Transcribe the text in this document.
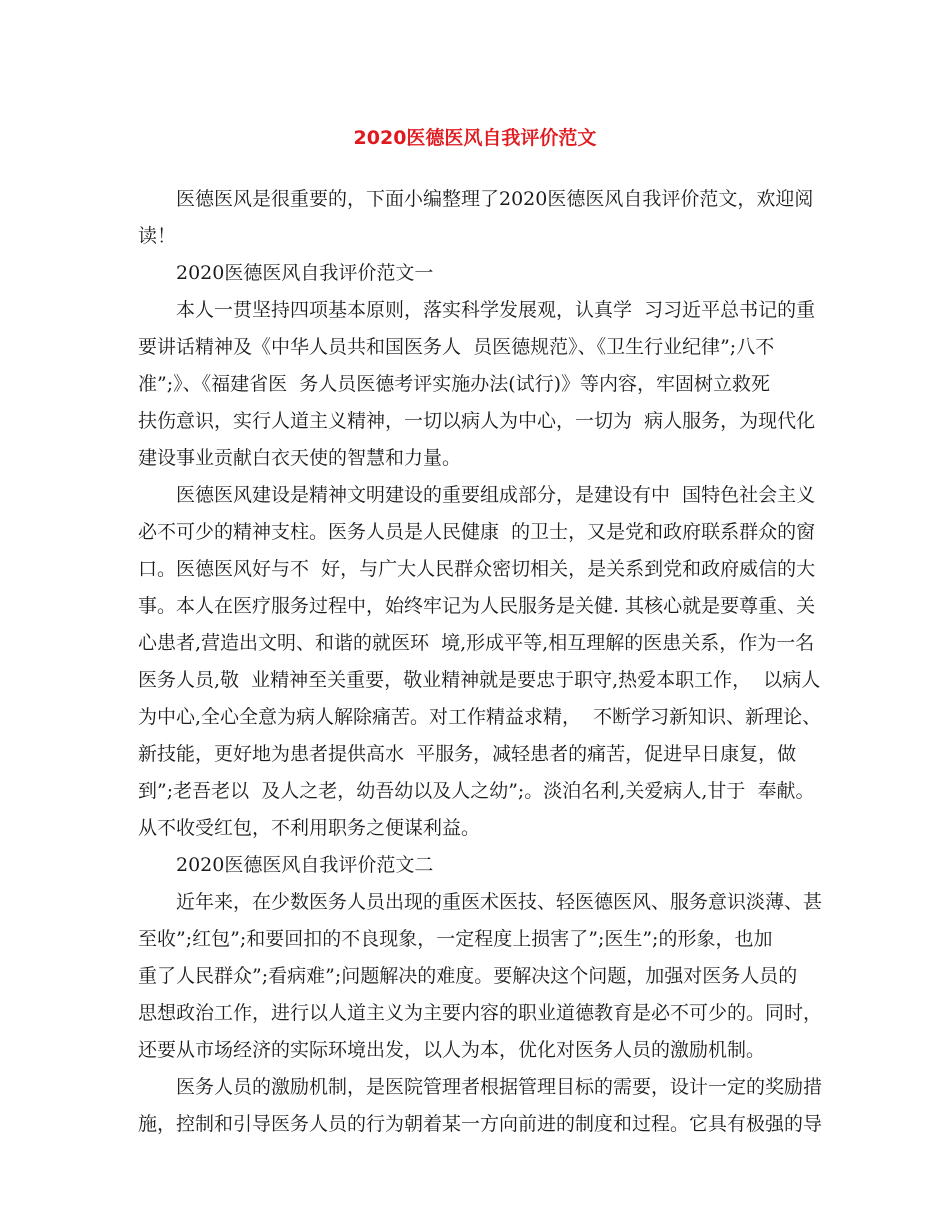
2020医德医风自我评价范文

医德医风是很重要的，下面小编整理了2020医德医风自我评价范文，欢迎阅

读！

2020医德医风自我评价范文一

本人一贯坚持四项基本原则，落实科学发展观，认真学  习习近平总书记的重

要讲话精神及《中华人员共和国医务人  员医德规范》、《卫生行业纪律”;八不

准”;》、《福建省医  务人员医德考评实施办法(试行)》等内容，牢固树立救死

扶伤意识，实行人道主义精神，一切以病人为中心，一切为  病人服务，为现代化

建设事业贡献白衣天使的智慧和力量。

医德医风建设是精神文明建设的重要组成部分，是建设有中  国特色社会主义

必不可少的精神支柱。医务人员是人民健康  的卫士，又是党和政府联系群众的窗

口。医德医风好与不  好，与广大人民群众密切相关，是关系到党和政府威信的大

事。本人在医疗服务过程中，始终牢记为人民服务是关健. 其核心就是要尊重、关

心患者,营造出文明、和谐的就医环  境,形成平等,相互理解的医患关系，作为一名

医务人员,敬  业精神至关重要，敬业精神就是要忠于职守,热爱本职工作，  以病人

为中心,全心全意为病人解除痛苦。对工作精益求精，  不断学习新知识、新理论、

新技能，更好地为患者提供高水  平服务，减轻患者的痛苦，促进早日康复，做

到”;老吾老以  及人之老，幼吾幼以及人之幼”;。淡泊名利,关爱病人,甘于  奉献。

从不收受红包，不利用职务之便谋利益。

2020医德医风自我评价范文二

近年来，在少数医务人员出现的重医术医技、轻医德医风、服务意识淡薄、甚

至收”;红包”;和要回扣的不良现象，一定程度上损害了”;医生”;的形象，也加

重了人民群众”;看病难”;问题解决的难度。要解决这个问题，加强对医务人员的

思想政治工作，进行以人道主义为主要内容的职业道德教育是必不可少的。同时，

还要从市场经济的实际环境出发，以人为本，优化对医务人员的激励机制。

医务人员的激励机制，是医院管理者根据管理目标的需要，设计一定的奖励措

施，控制和引导医务人员的行为朝着某一方向前进的制度和过程。它具有极强的导
